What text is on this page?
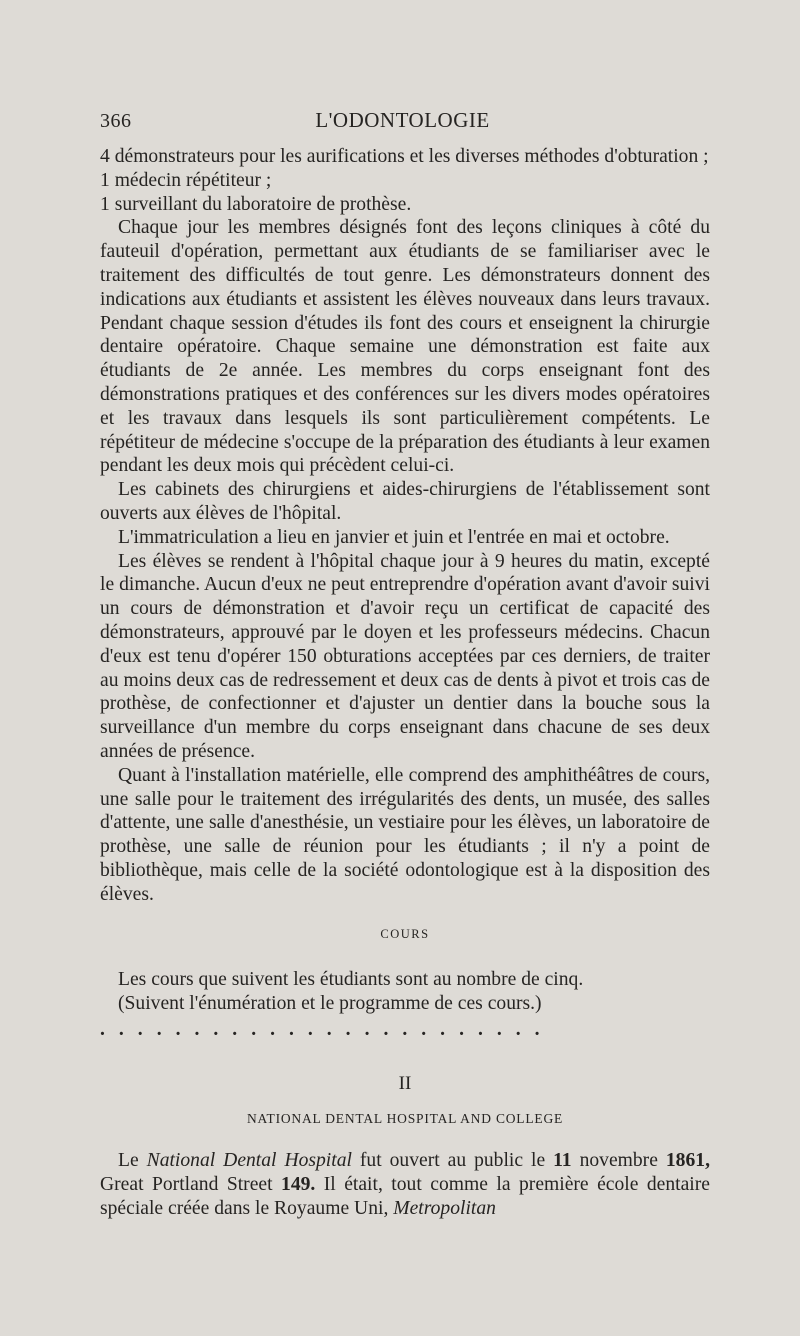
366	L'ODONTOLOGIE

4 démonstrateurs pour les aurifications et les diverses méthodes d'obturation ;

1 médecin répétiteur ;

1 surveillant du laboratoire de prothèse.

Chaque jour les membres désignés font des leçons cliniques à côté du fauteuil d'opération, permettant aux étudiants de se familiariser avec le traitement des difficultés de tout genre. Les démonstrateurs donnent des indications aux étudiants et assistent les élèves nouveaux dans leurs travaux. Pendant chaque session d'études ils font des cours et enseignent la chirurgie dentaire opératoire. Chaque semaine une démonstration est faite aux étudiants de 2e année. Les membres du corps enseignant font des démonstrations pratiques et des conférences sur les divers modes opératoires et les travaux dans lesquels ils sont particulièrement compétents. Le répétiteur de médecine s'occupe de la préparation des étudiants à leur examen pendant les deux mois qui précèdent celui-ci.

Les cabinets des chirurgiens et aides-chirurgiens de l'établissement sont ouverts aux élèves de l'hôpital.

L'immatriculation a lieu en janvier et juin et l'entrée en mai et octobre.

Les élèves se rendent à l'hôpital chaque jour à 9 heures du matin, excepté le dimanche. Aucun d'eux ne peut entreprendre d'opération avant d'avoir suivi un cours de démonstration et d'avoir reçu un certificat de capacité des démonstrateurs, approuvé par le doyen et les professeurs médecins. Chacun d'eux est tenu d'opérer 150 obturations acceptées par ces derniers, de traiter au moins deux cas de redressement et deux cas de dents à pivot et trois cas de prothèse, de confectionner et d'ajuster un dentier dans la bouche sous la surveillance d'un membre du corps enseignant dans chacune de ses deux années de présence.

Quant à l'installation matérielle, elle comprend des amphithéâtres de cours, une salle pour le traitement des irrégularités des dents, un musée, des salles d'attente, une salle d'anesthésie, un vestiaire pour les élèves, un laboratoire de prothèse, une salle de réunion pour les étudiants ; il n'y a point de bibliothèque, mais celle de la société odontologique est à la disposition des élèves.

COURS

Les cours que suivent les étudiants sont au nombre de cinq.

(Suivent l'énumération et le programme de ces cours.)

........................
II
NATIONAL DENTAL HOSPITAL AND COLLEGE

Le National Dental Hospital fut ouvert au public le 11 novembre 1861, Great Portland Street 149. Il était, tout comme la première école dentaire spéciale créée dans le Royaume Uni, Metropolitan
